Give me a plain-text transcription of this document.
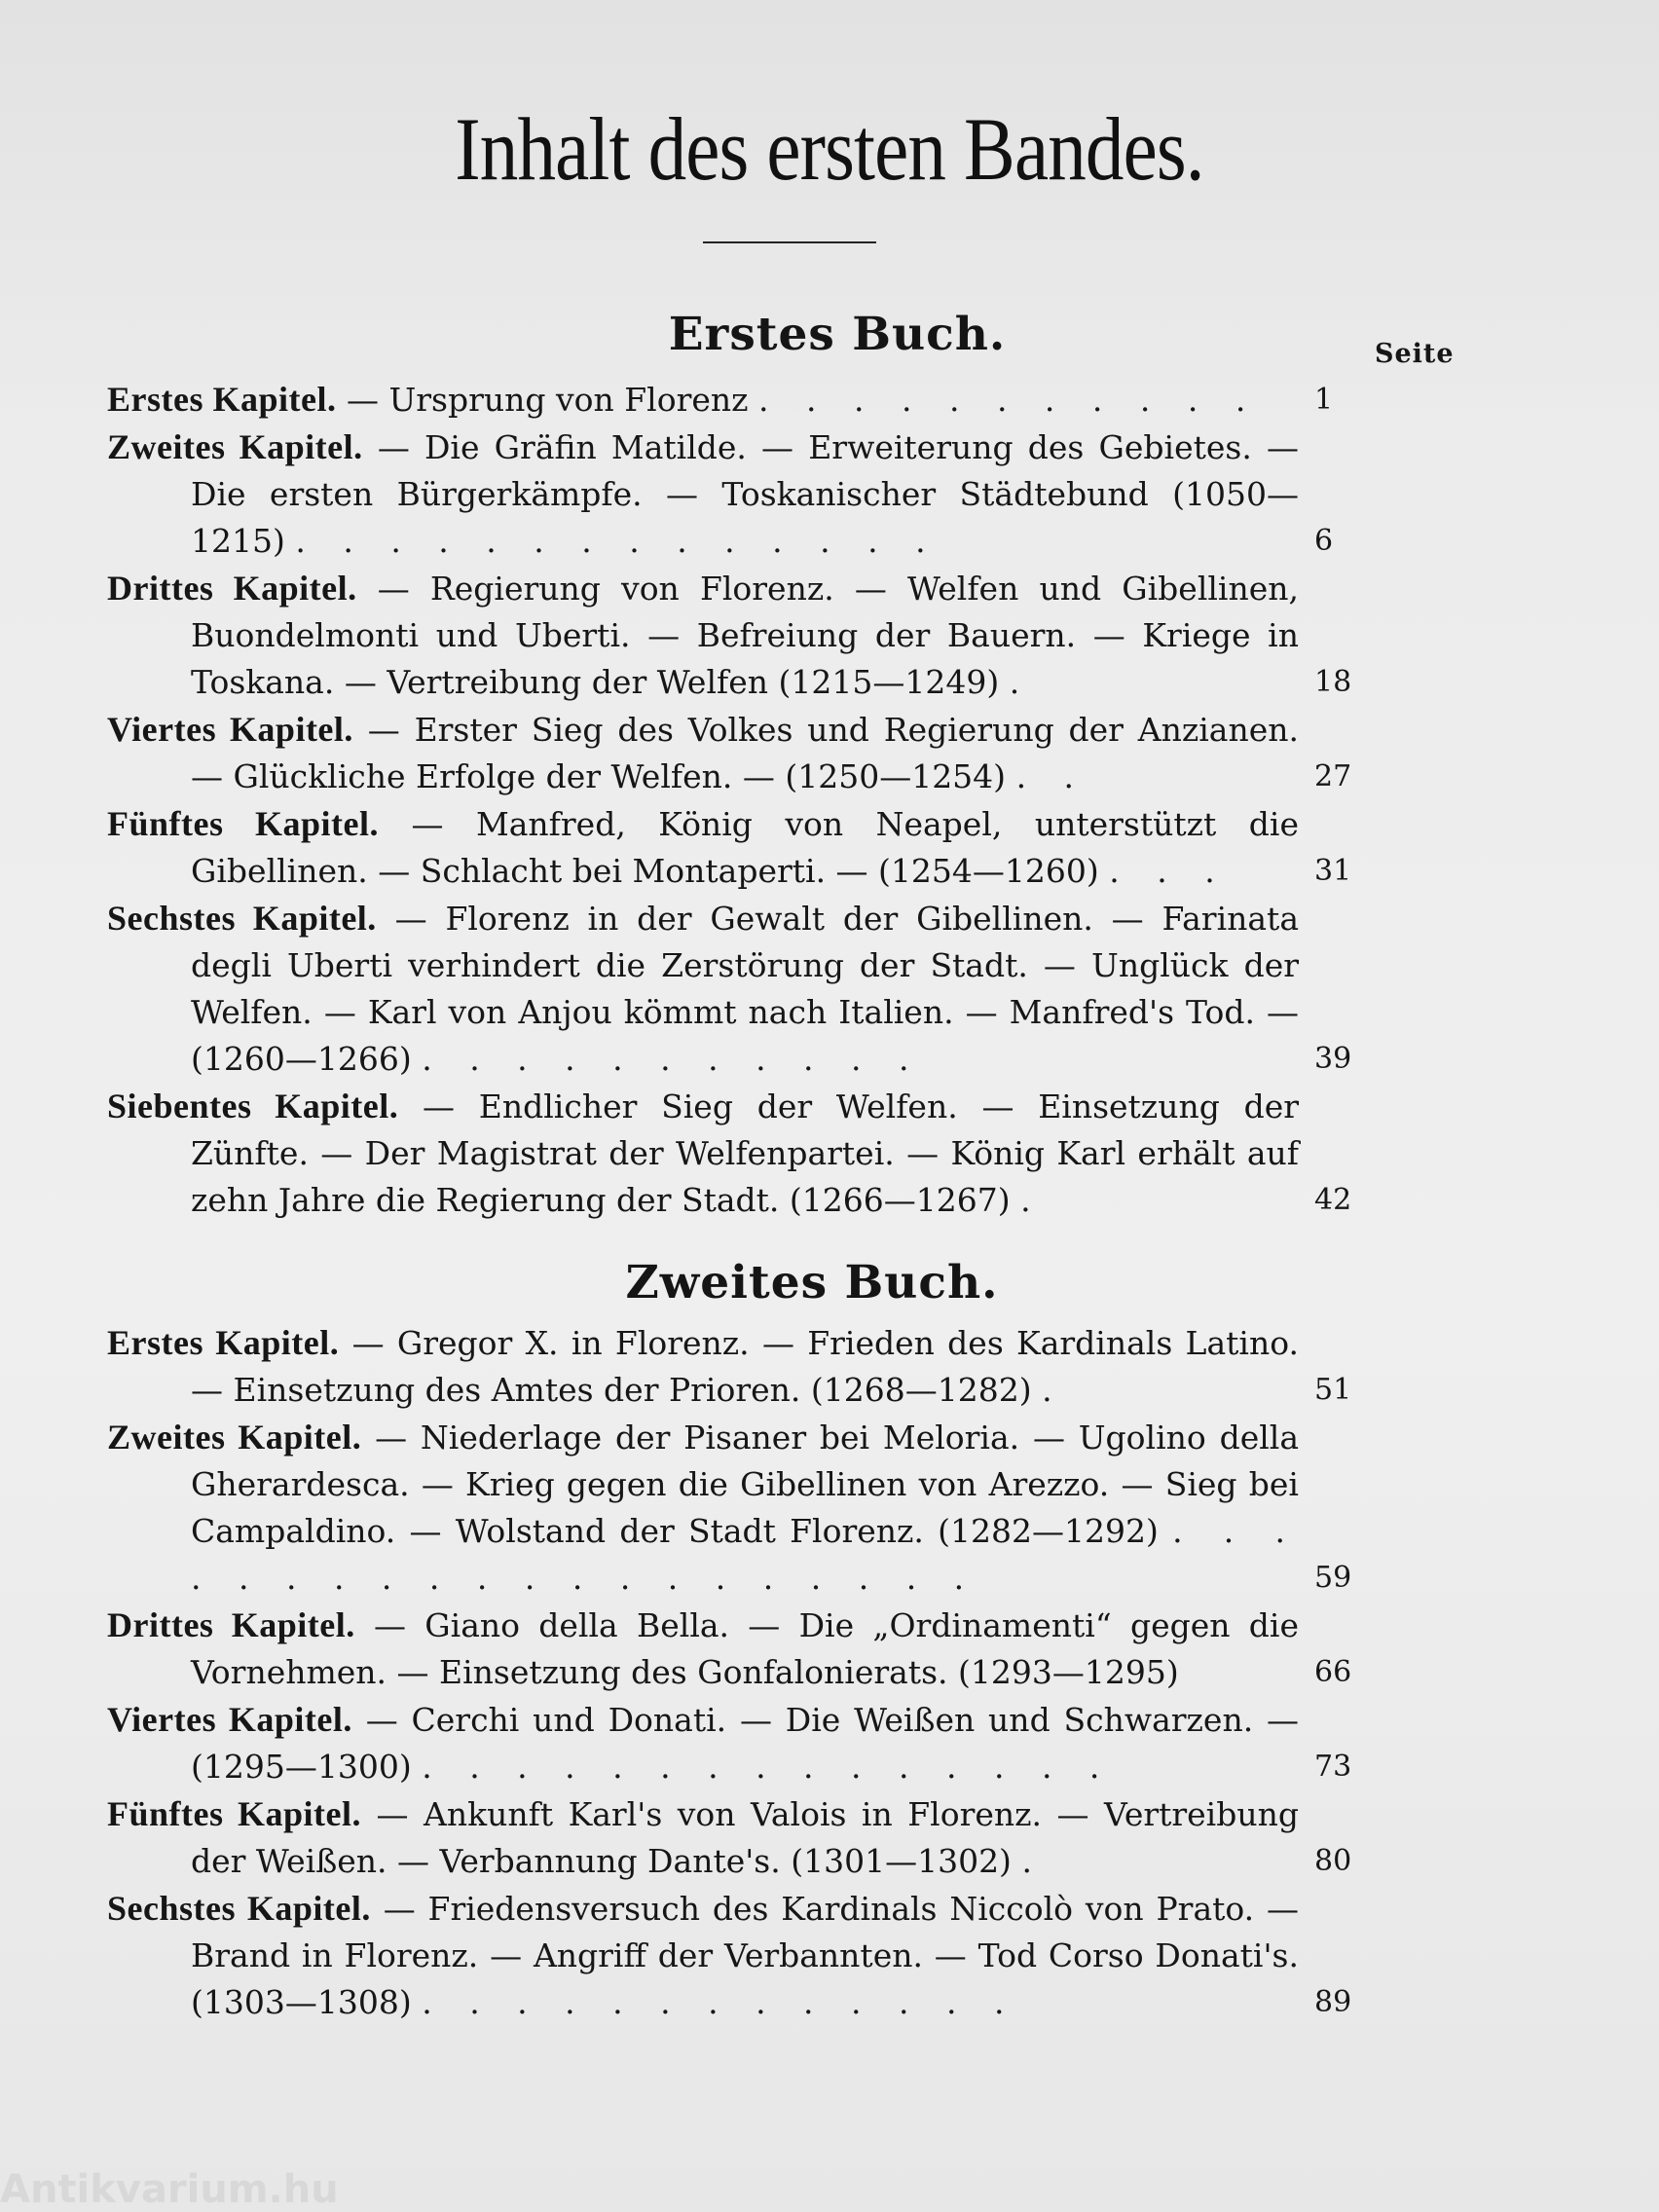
Inhalt des ersten Bandes.
Erstes Buch.	Seite
Erstes Kapitel. — Ursprung von Florenz . . . . . . . . . . . 1
Zweites Kapitel. — Die Gräfin Matilde. — Erweiterung des Gebietes. — Die ersten Bürgerkämpfe. — Toskanischer Städtebund (1050—1215) . . . . . . . . . . . . . .	6
Drittes Kapitel. — Regierung von Florenz. — Welfen und Gibellinen, Buondelmonti und Uberti. — Befreiung der Bauern. — Kriege in Toskana. — Vertreibung der Welfen (1215—1249) .	18
Viertes Kapitel. — Erster Sieg des Volkes und Regierung der Anzianen. — Glückliche Erfolge der Welfen. — (1250—1254) . .	27
Fünftes Kapitel. — Manfred, König von Neapel, unterstützt die Gibellinen. — Schlacht bei Montaperti. — (1254—1260) . . .	31
Sechstes Kapitel. — Florenz in der Gewalt der Gibellinen. — Farinata degli Uberti verhindert die Zerstörung der Stadt. — Unglück der Welfen. — Karl von Anjou kömmt nach Italien. — Manfred's Tod. — (1260—1266) . . . . . . . . . . .	39
Siebentes Kapitel. — Endlicher Sieg der Welfen. — Einsetzung der Zünfte. — Der Magistrat der Welfenpartei. — König Karl erhält auf zehn Jahre die Regierung der Stadt. (1266—1267) .	42
Zweites Buch.
Erstes Kapitel. — Gregor X. in Florenz. — Frieden des Kardinals Latino. — Einsetzung des Amtes der Prioren. (1268—1282) .	51
Zweites Kapitel. — Niederlage der Pisaner bei Meloria. — Ugolino della Gherardesca. — Krieg gegen die Gibellinen von Arezzo. — Sieg bei Campaldino. — Wolstand der Stadt Florenz. (1282—1292) . . . . . . . . . . . . . . . . . . . .	59
Drittes Kapitel. — Giano della Bella. — Die „Ordinamenti“ gegen die Vornehmen. — Einsetzung des Gonfalonierats. (1293—1295)	66
Viertes Kapitel. — Cerchi und Donati. — Die Weißen und Schwarzen. — (1295—1300) . . . . . . . . . . . . . . .	73
Fünftes Kapitel. — Ankunft Karl's von Valois in Florenz. — Vertreibung der Weißen. — Verbannung Dante's. (1301—1302) .	80
Sechstes Kapitel. — Friedensversuch des Kardinals Niccolò von Prato. — Brand in Florenz. — Angriff der Verbannten. — Tod Corso Donati's. (1303—1308) . . . . . . . . . . . . .	89
Antikvarium.hu
